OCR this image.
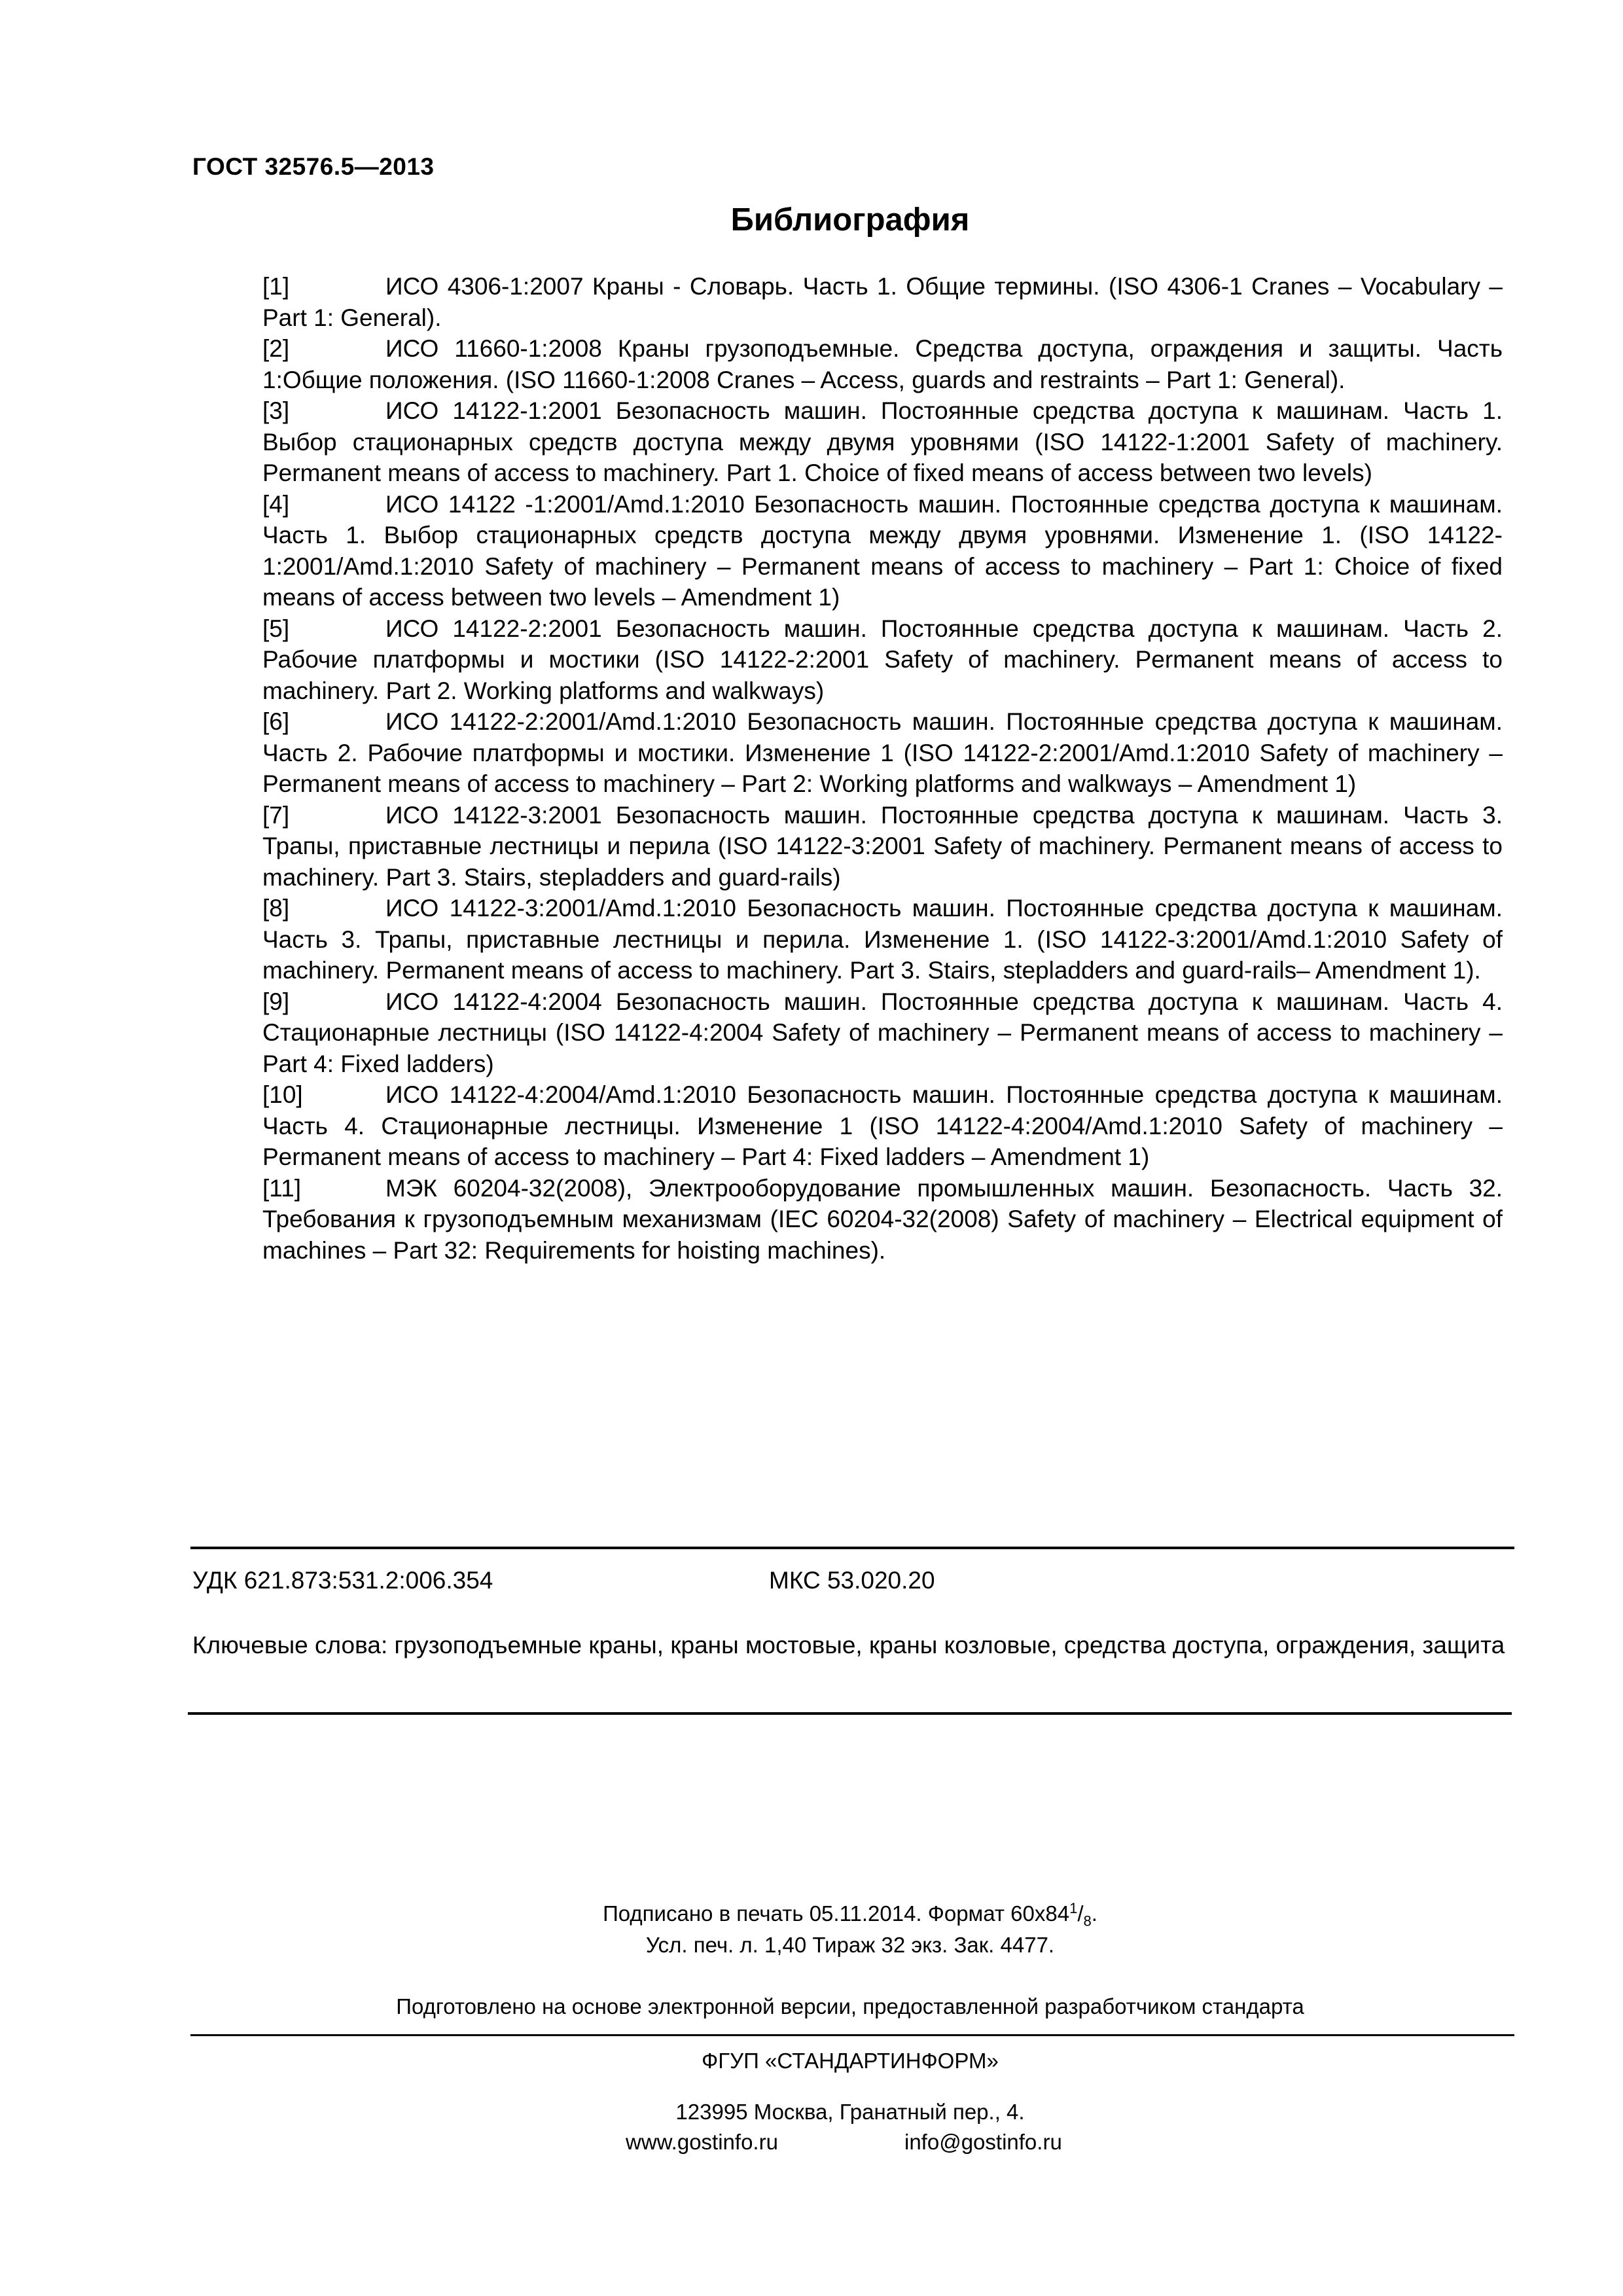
ГОСТ 32576.5—2013
Библиография

[1]	ИСО 4306-1:2007 Краны - Словарь. Часть 1. Общие термины. (ISO 4306-1 Cranes – Vocabulary – Part 1: General).

[2]	ИСО 11660-1:2008 Краны грузоподъемные. Средства доступа, ограждения и защиты. Часть 1:Общие положения. (ISO 11660-1:2008 Cranes – Access, guards and restraints – Part 1: General).

[3]	ИСО 14122-1:2001 Безопасность машин. Постоянные средства доступа к машинам. Часть 1. Выбор стационарных средств доступа между двумя уровнями (ISO 14122-1:2001 Safety of machinery. Permanent means of access to machinery. Part 1. Choice of fixed means of access between two levels)

[4]	ИСО 14122 -1:2001/Amd.1:2010 Безопасность машин. Постоянные средства доступа к машинам. Часть 1. Выбор стационарных средств доступа между двумя уровнями. Изменение 1. (ISO 14122-1:2001/Amd.1:2010 Safety of machinery – Permanent means of access to machinery – Part 1: Choice of fixed means of access between two levels – Amendment 1)

[5]	ИСО 14122-2:2001 Безопасность машин. Постоянные средства доступа к машинам. Часть 2. Рабочие платформы и мостики (ISO 14122-2:2001 Safety of machinery. Permanent means of access to machinery. Part 2. Working platforms and walkways)

[6]	ИСО 14122-2:2001/Amd.1:2010 Безопасность машин. Постоянные средства доступа к машинам. Часть 2. Рабочие платформы и мостики. Изменение 1 (ISO 14122-2:2001/Amd.1:2010 Safety of machinery – Permanent means of access to machinery – Part 2: Working platforms and walkways – Amendment 1)

[7]	ИСО 14122-3:2001 Безопасность машин. Постоянные средства доступа к машинам. Часть 3. Трапы, приставные лестницы и перила (ISO 14122-3:2001 Safety of machinery. Permanent means of access to machinery. Part 3. Stairs, stepladders and guard-rails)

[8]	ИСО 14122-3:2001/Amd.1:2010 Безопасность машин. Постоянные средства доступа к машинам. Часть 3. Трапы, приставные лестницы и перила. Изменение 1. (ISO 14122-3:2001/Amd.1:2010 Safety of machinery. Permanent means of access to machinery. Part 3. Stairs, stepladders and guard-rails– Amendment 1).

[9]	ИСО 14122-4:2004 Безопасность машин. Постоянные средства доступа к машинам. Часть 4. Стационарные лестницы (ISO 14122-4:2004 Safety of machinery – Permanent means of access to machinery – Part 4: Fixed ladders)

[10]	ИСО 14122-4:2004/Amd.1:2010 Безопасность машин. Постоянные средства доступа к машинам. Часть 4. Стационарные лестницы. Изменение 1 (ISO 14122-4:2004/Amd.1:2010 Safety of machinery – Permanent means of access to machinery – Part 4: Fixed ladders – Amendment 1)

[11]	МЭК 60204-32(2008), Электрооборудование промышленных машин. Безопасность. Часть 32. Требования к грузоподъемным механизмам (IEC 60204-32(2008) Safety of machinery – Electrical equipment of machines – Part 32: Requirements for hoisting machines).

УДК 621.873:531.2:006.354	МКС 53.020.20
Ключевые слова: грузоподъемные краны, краны мостовые, краны козловые, средства доступа, ограждения, защита
Подписано в печать 05.11.2014. Формат $60х84^1/_8$.
Усл. печ. л. 1,40 Тираж 32 экз. Зак. 4477.
Подготовлено на основе электронной версии, предоставленной разработчиком стандарта
ФГУП «СТАНДАРТИНФОРМ»
123995 Москва, Гранатный пер., 4.
www.gostinfo.ru	info@gostinfo.ru
